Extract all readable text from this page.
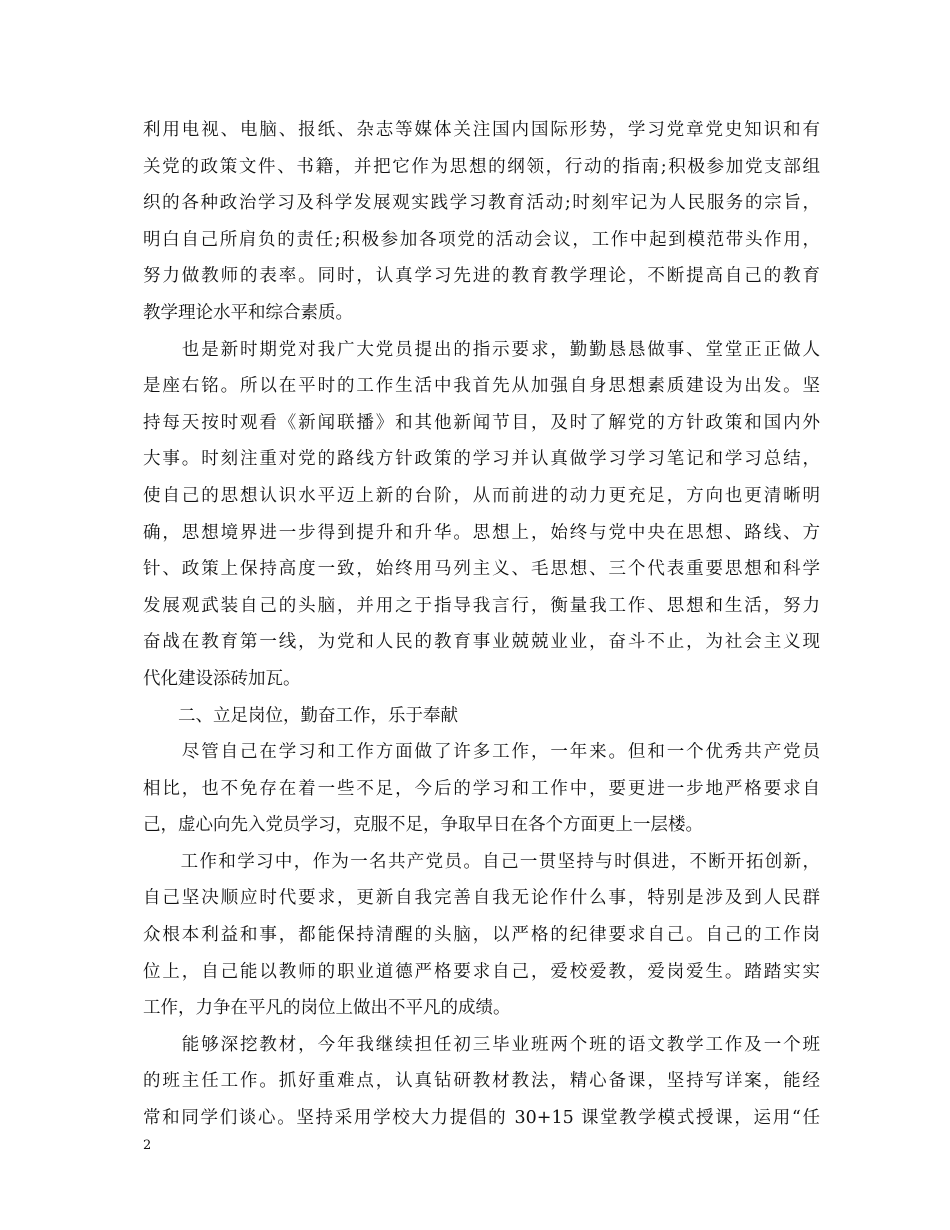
利用电视、电脑、报纸、杂志等媒体关注国内国际形势，学习党章党史知识和有
关党的政策文件、书籍，并把它作为思想的纲领，行动的指南;积极参加党支部组
织的各种政治学习及科学发展观实践学习教育活动;时刻牢记为人民服务的宗旨，
明白自己所肩负的责任;积极参加各项党的活动会议，工作中起到模范带头作用，
努力做教师的表率。同时，认真学习先进的教育教学理论，不断提高自己的教育
教学理论水平和综合素质。
　　也是新时期党对我广大党员提出的指示要求，勤勤恳恳做事、堂堂正正做人
是座右铭。所以在平时的工作生活中我首先从加强自身思想素质建设为出发。坚
持每天按时观看《新闻联播》和其他新闻节目，及时了解党的方针政策和国内外
大事。时刻注重对党的路线方针政策的学习并认真做学习学习笔记和学习总结，
使自己的思想认识水平迈上新的台阶，从而前进的动力更充足，方向也更清晰明
确，思想境界进一步得到提升和升华。思想上，始终与党中央在思想、路线、方
针、政策上保持高度一致，始终用马列主义、毛思想、三个代表重要思想和科学
发展观武装自己的头脑，并用之于指导我言行，衡量我工作、思想和生活，努力
奋战在教育第一线，为党和人民的教育事业兢兢业业，奋斗不止，为社会主义现
代化建设添砖加瓦。
二、立足岗位，勤奋工作，乐于奉献
　　尽管自己在学习和工作方面做了许多工作，一年来。但和一个优秀共产党员
相比，也不免存在着一些不足，今后的学习和工作中，要更进一步地严格要求自
己，虚心向先入党员学习，克服不足，争取早日在各个方面更上一层楼。
　　工作和学习中，作为一名共产党员。自己一贯坚持与时俱进，不断开拓创新，
自己坚决顺应时代要求，更新自我完善自我无论作什么事，特别是涉及到人民群
众根本利益和事，都能保持清醒的头脑，以严格的纪律要求自己。自己的工作岗
位上，自己能以教师的职业道德严格要求自己，爱校爱教，爱岗爱生。踏踏实实
工作，力争在平凡的岗位上做出不平凡的成绩。
　　能够深挖教材，今年我继续担任初三毕业班两个班的语文教学工作及一个班
的班主任工作。抓好重难点，认真钻研教材教法，精心备课，坚持写详案，能经
常和同学们谈心。坚持采用学校大力提倡的 30+15 课堂教学模式授课，运用“任
2
